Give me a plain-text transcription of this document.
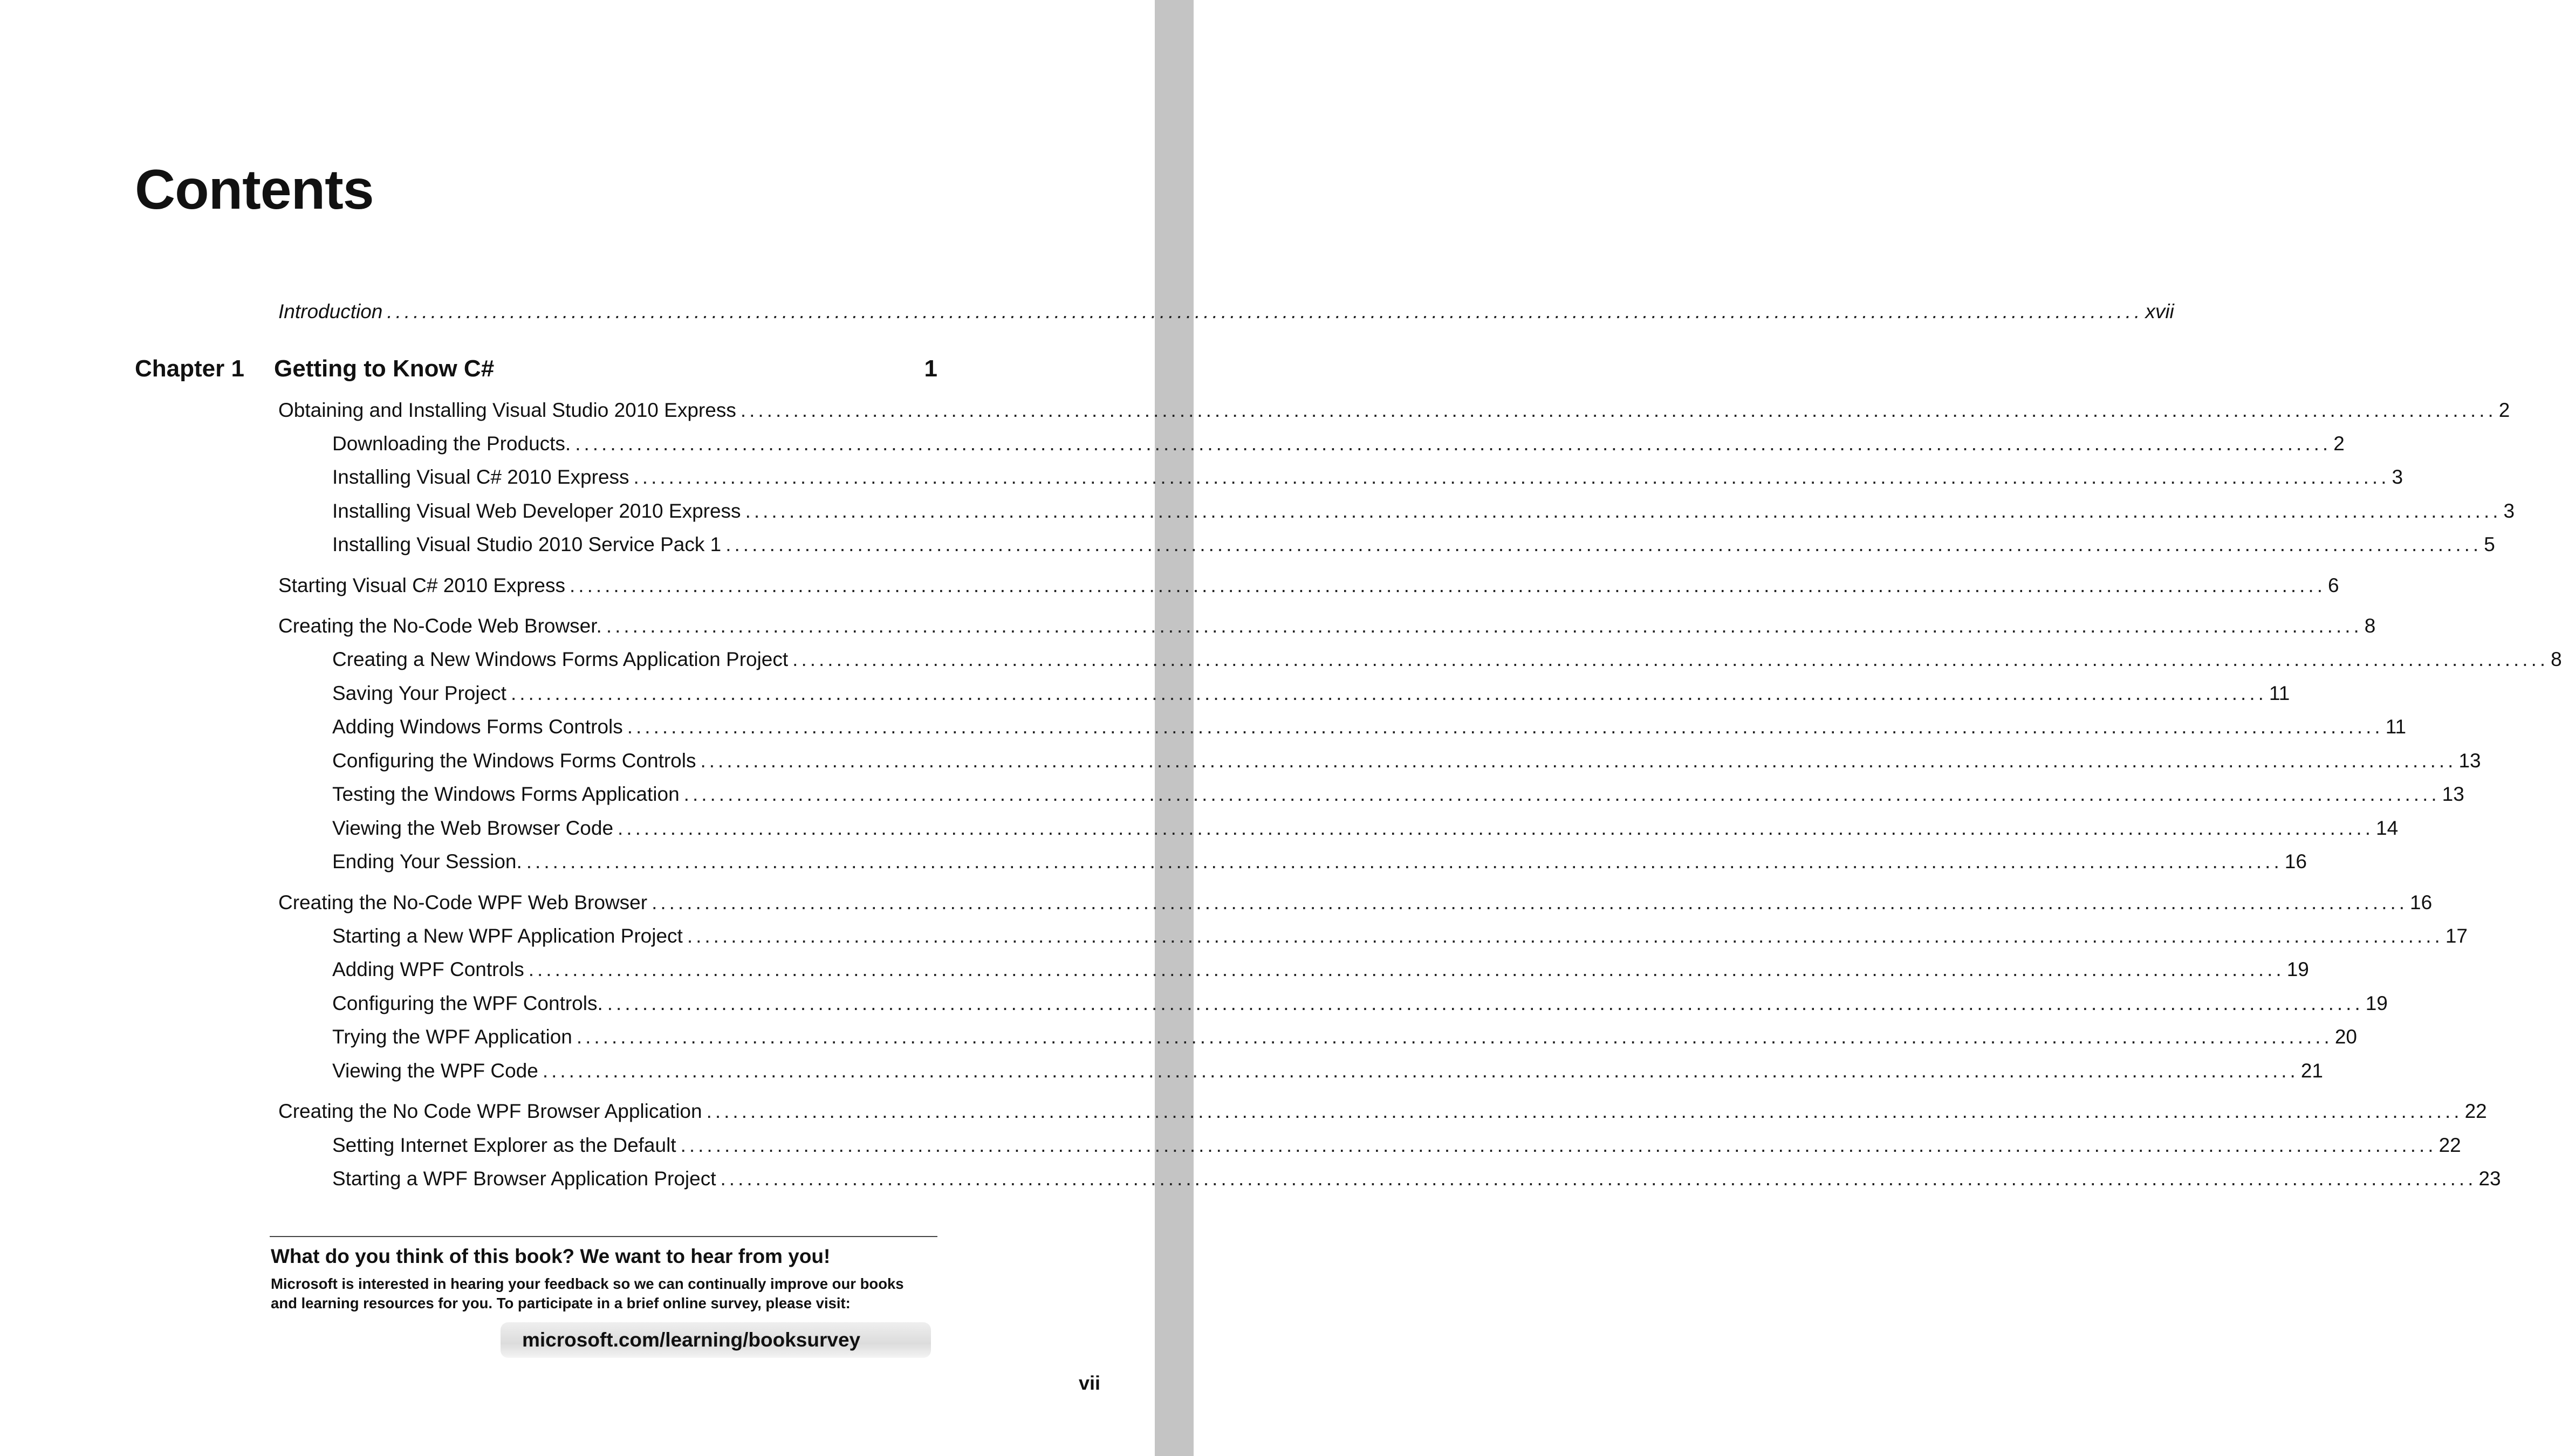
Contents
Introduction ........................................................................................................................................................................................................ xvii
Chapter 1	Getting to Know C#	1
Obtaining and Installing Visual Studio 2010 Express ........................................................................................................................................................................................................ 2
Downloading the Products. ........................................................................................................................................................................................................ 2
Installing Visual C# 2010 Express ........................................................................................................................................................................................................ 3
Installing Visual Web Developer 2010 Express ........................................................................................................................................................................................................ 3
Installing Visual Studio 2010 Service Pack 1 ........................................................................................................................................................................................................ 5
Starting Visual C# 2010 Express ........................................................................................................................................................................................................ 6
Creating the No-Code Web Browser. ........................................................................................................................................................................................................ 8
Creating a New Windows Forms Application Project ........................................................................................................................................................................................................ 8
Saving Your Project ........................................................................................................................................................................................................ 11
Adding Windows Forms Controls ........................................................................................................................................................................................................ 11
Configuring the Windows Forms Controls ........................................................................................................................................................................................................ 13
Testing the Windows Forms Application ........................................................................................................................................................................................................ 13
Viewing the Web Browser Code ........................................................................................................................................................................................................ 14
Ending Your Session. ........................................................................................................................................................................................................ 16
Creating the No-Code WPF Web Browser ........................................................................................................................................................................................................ 16
Starting a New WPF Application Project ........................................................................................................................................................................................................ 17
Adding WPF Controls ........................................................................................................................................................................................................ 19
Configuring the WPF Controls. ........................................................................................................................................................................................................ 19
Trying the WPF Application ........................................................................................................................................................................................................ 20
Viewing the WPF Code ........................................................................................................................................................................................................ 21
Creating the No Code WPF Browser Application ........................................................................................................................................................................................................ 22
Setting Internet Explorer as the Default ........................................................................................................................................................................................................ 22
Starting a WPF Browser Application Project ........................................................................................................................................................................................................ 23
What do you think of this book? We want to hear from you!

Microsoft is interested in hearing your feedback so we can continually improve our books and learning resources for you. To participate in a brief online survey, please visit:

microsoft.com/learning/booksurvey
vii
